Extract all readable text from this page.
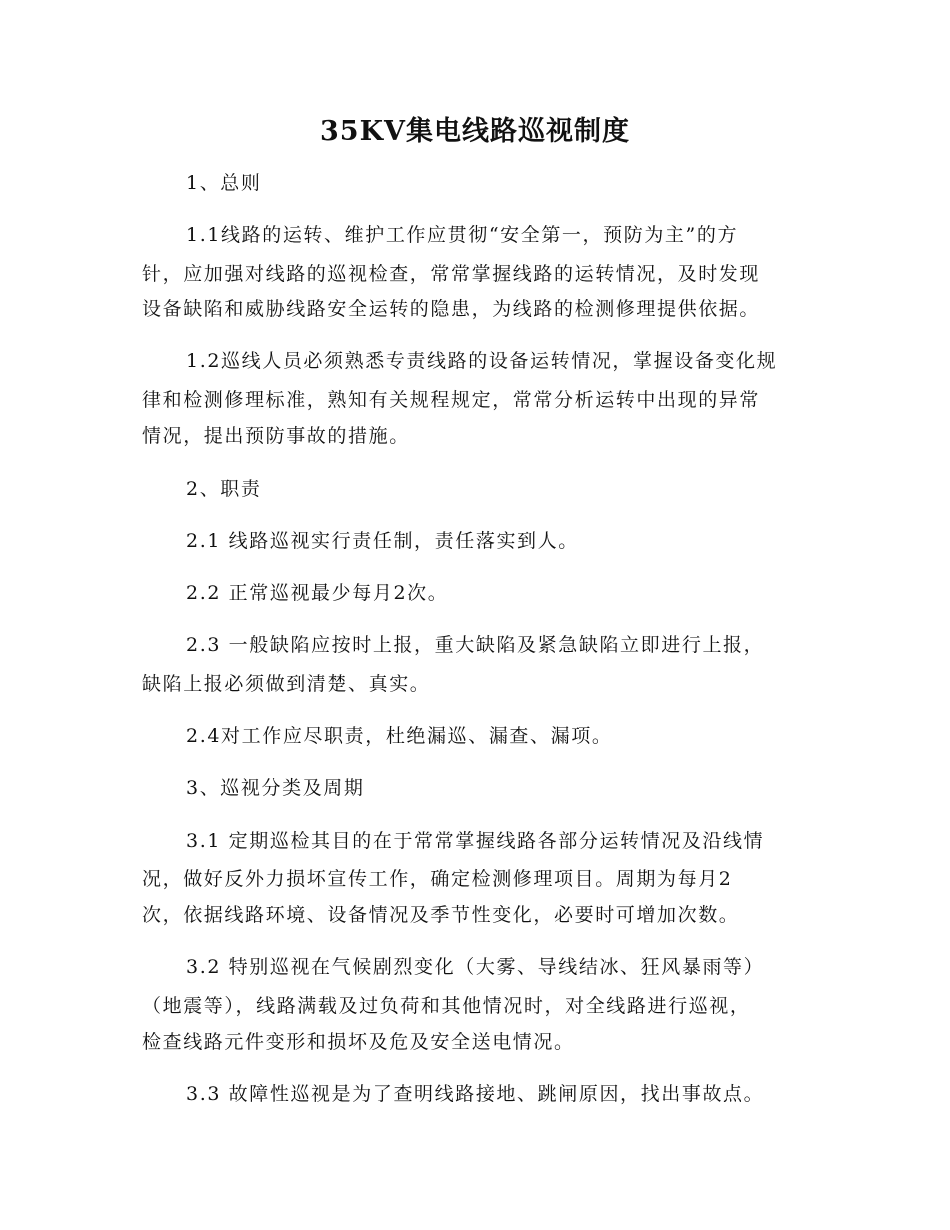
35KV集电线路巡视制度
1、总则
1.1线路的运转、维护工作应贯彻“安全第一，预防为主”的方
针，应加强对线路的巡视检查，常常掌握线路的运转情况，及时发现
设备缺陷和威胁线路安全运转的隐患，为线路的检测修理提供依据。
1.2巡线人员必须熟悉专责线路的设备运转情况，掌握设备变化规
律和检测修理标准，熟知有关规程规定，常常分析运转中出现的异常
情况，提出预防事故的措施。
2、职责
2.1 线路巡视实行责任制，责任落实到人。
2.2 正常巡视最少每月2次。
2.3 一般缺陷应按时上报，重大缺陷及紧急缺陷立即进行上报，
缺陷上报必须做到清楚、真实。
2.4对工作应尽职责，杜绝漏巡、漏查、漏项。
3、巡视分类及周期
3.1 定期巡检其目的在于常常掌握线路各部分运转情况及沿线情
况，做好反外力损坏宣传工作，确定检测修理项目。周期为每月2
次，依据线路环境、设备情况及季节性变化，必要时可增加次数。
3.2 特别巡视在气候剧烈变化（大雾、导线结冰、狂风暴雨等）
（地震等），线路满载及过负荷和其他情况时，对全线路进行巡视，
检查线路元件变形和损坏及危及安全送电情况。
3.3 故障性巡视是为了查明线路接地、跳闸原因，找出事故点。
